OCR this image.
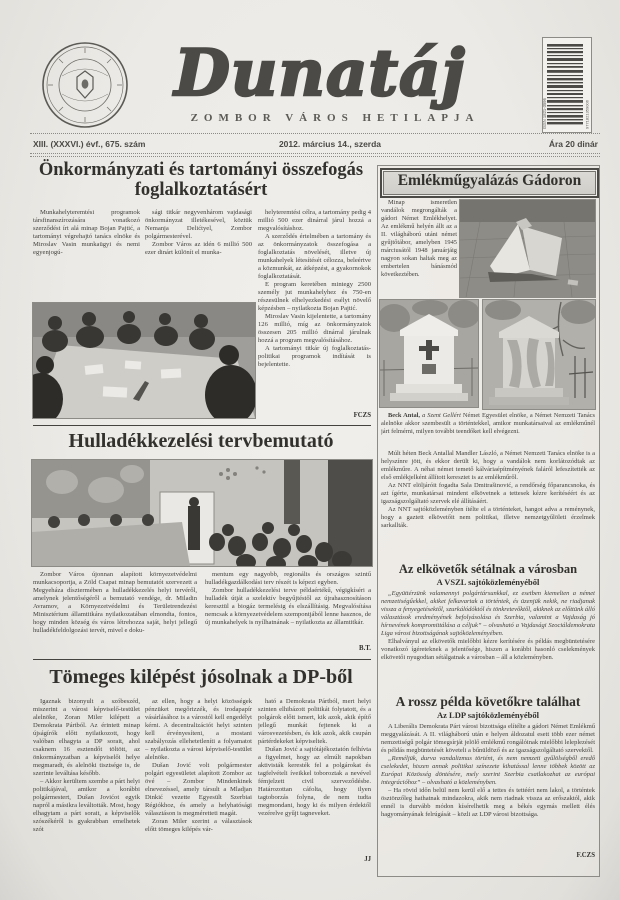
Dunatáj
ZOMBOR VÁROS HETILAPJA	ISSN 1821-3596	9771821359006
XIII. (XXXVI.) évf., 675. szám	2012. március 14., szerda	Ára 20 dinár
Önkormányzati és tartományi összefogás foglalkoztatásért

Munkahelyteremtési programok társfinanszírozására vonatkozó szerződést írt alá minap Bojan Pajtić, a tartományi végrehajtó tanács elnöke és Miroslav Vasin munkaügyi és nemi egyenjogú-

sági titkár negyvenhárom vajdasági önkormányzat illetékesével, köztük Nemanja Delićtyel, Zombor polgármesterével.

Zombor Város az idén 6 millió 500 ezer dinárt különít el munka-

helyteremtési célra, a tartomány pedig 4 millió 500 ezer dinárral járul hozzá a megvalósításhoz.

A szerződés értelmében a tartomány és az önkormányzatok összefogása a foglalkoztatás növelését, illetve új munkahelyek létesítését célozza, beleértve a közmunkát, az átképzést, a gyakornokok foglalkoztatását.

E program keretében mintegy 2500 személy jut munkahelyhez és 750-en részesülnek elhelyezkedési esélyt növelő képzésben – nyilatkozta Bojan Pajtić.

Miroslav Vasin kijelentette, a tartomány 126 millió, míg az önkormányzatok összesen 205 millió dinárral járulnak hozzá a program megvalósításához.

A tartományi titkár új foglalkoztatás-politikai programok indítását is bejelentette.

FCZS
Hulladékkezelési tervbemutató

Zombor Város újonnan alapított környezetvédelmi munkacsoportja, a Zöld Csapat minap bemutatót szervezett a Megyeháza dísztermében a hulladékkezelés helyi tervéről, amelynek jelentőségéről a bemutató vendége, dr. Miladin Avramov, a Környezetvédelmi és Területrendezési Minisztérium államtitkára nyilatkozatában elmondta, fontos, hogy minden község és város létrehozza saját, helyi jellegű hulladékfeldolgozási tervét, mivel e doku-

mentum egy nagyobb, regionális és országos szintű hulladékgazdálkodási terv részét is képezi egyben.

Zombor hulladékkezelési terve példaértékű, végigkíséri a hulladék útját a szelektív begyűjtéstől az újrahasznosításon keresztül a biogáz termelésig és elszállításig. Megvalósítása nemcsak a környezetvédelem szempontjából lenne hasznos, de új munkahelyek is nyílhatnának – nyilatkozta az államtitkár.

B.T.
Tömeges kilépést jósolnak a DP-ből

Igaznak bizonyult a szóbeszéd, miszerint a városi képviselő-testület alelnöke, Zoran Miler kilépett a Demokrata Pártból. Az érintett minap újságírók előtt nyilatkozott, hogy valóban elhagyta a DP sorait, ahol csaknem 16 esztendőt töltött, az önkormányzatban a képviselői helye megmaradt, és alelnöki tisztsége is, de szerinte leváltása később.

– Akkor kerültem szembe a párt helyi politikájával, amikor a korábbi polgármestert, Dušan Jovićot egyik napról a másikra leváltották. Most, hogy elhagytam a párt sorait, a képviselők szószékéről is gyakrabban emelhetek szót

az ellen, hogy a helyi közösségek pénzüket megőrizzék, és irodapapír vásárlásához is a várostól kell engedélyt kérni. A decentralizációt helyi szinten kell érvényesíteni, a mostani szabályozás ellehetetleníti a folyamatot – nyilatkozta a városi képviselő-testület alelnöke.

Dušan Jović volt polgármester polgári egyesületet alapított Zombor az övé – Zombor Mindenkinek elnevezéssel, amely társult a Mladjan Dinkić vezette Egyesült Szerbiai Régiókhoz, és amely a helyhatósági választáson is megméretteti magát.

Zoran Miler szerint a választások előtt tömeges kilépés vár-

ható a Demokrata Pártból, mert helyi szinten elhibázott politikát folytatott, és a polgárok előtt ismert, kik azok, akik építő jellegű munkát fejtenek ki a városvezetésben, és kik azok, akik csupán pártérdekeket képviseltek.

Dušan Jović a sajtótájékoztatón felhívta a figyelmet, hogy az elmúlt napokban aktivisták keresték fel a polgárokat és tagfelvételi íveikkel toboroztak a nevével fémjelzett civil szerveződésbe. Határozottan cáfolta, hogy ilyen tagtoborzás folyna, de nem tudta megmondani, hogy ki és milyen érdektől vezérelve gyűjt tagneveket.

JJ
Emlékműgyalázás Gádoron

Minap ismeretlen vandálok megrongálták a gádori Német Emlékhelyet. Az emlékmű helyén állt az a II. világháború utáni német gyűjtőtábor, amelyben 1945 márciusától 1948 januárjáig nagyon sokan haltak meg az embertelen bánásmód következtében.

Beck Antal, a Szent Gellért Német Egyesület elnöke, a Német Nemzeti Tanács alelnöke akkor szembesült a történtekkel, amikor munkatársaival az emlékműnél járt felmérni, milyen további teendőket kell elvégezni.

Múlt héten Beck Antallal Mandler László, a Német Nemzeti Tanács elnöke is a helyszínre jött, és ekkor derült ki, hogy a vandálok nem korlátozódtak az emlékműre. A néhai német temető kálváriaépítményének faláról lefeszítették az első emlékjelként állított keresztet is az emlékműről.

Az NNT elöljáróit fogadta Sala Dmitrašinović, a rendőrség főparancsnoka, és azt ígérte, munkatársai mindent elkövetnek a tettesek kézre kerítéséért és az igazságszolgáltató szervek elé állításáért.

Az NNT sajtóközleményben ítélte el a történteket, hangot adva a reménynek, hogy a gaztett elkövetőit nem politikai, illetve nemzetgyűlöleti érzelmek sarkallták.

Az elkövetők sétálnak a városban
A VSZL sajtóközleményéből

„Együttérzünk valamennyi polgártársunkkal, ez esetben kiemelten a német nemzetiségűekkel, akiket felkavartak a történtek, és üzenjük nekik, ne riadjanak vissza a fenyegetésektől, szurkálódóktól és tönkretevőktől, akiknek az előttünk álló választások eredményének befolyásolása és Szerbia, valamint a Vajdaság jó hírnevének kompromittálása a céljuk” – olvasható a Vajdasági Szociáldemokrata Liga városi bizottságának sajtóközleményében.

Elhalványul az elkövetők mielőbbi kézre kerítésére és példás megbüntetésére vonatkozó ígéreteknek a jelentősége, hiszen a korábbi hasonló cselekmények elkövetői nyugodtan sétálgatnak a városban – áll a közleményben.

A rossz példa követőkre találhat
Az LDP sajtóközleményéből

A Liberális Demokrata Párt városi bizottsága elítélte a gádori Német Emlékmű meggyalázását. A II. világháború után e helyen áldozatul esett több ezer német nemzetiségű polgár tömegsírját jelölő emlékmű rongálóinak mielőbbi leleplezését és példás megbüntetését követeli a bűnüldöző és az igazságszolgáltató szervektől.

„Reméljük, durva vandalizmus történt, és nem nemzeti gyűlölségből eredő cselekedet, hiszen annak politikai színezete kihatással lenne többek között az Európai Közösség döntésére, mely szerint Szerbia csatlakozhat az európai integrációhoz” – olvasható a közleményben.

– Ha rövid időn belül nem kerül elő a tettes és tettéért nem lakol, a történtek ösztönzőleg hathatnak mindazokra, akik nem riadnak vissza az erőszaktól, akik ennél is durvább módon kísérelhetik meg a békés egymás mellett élés hagyományának felrúgását – közli az LDP városi bizottsága.

F.CZS
